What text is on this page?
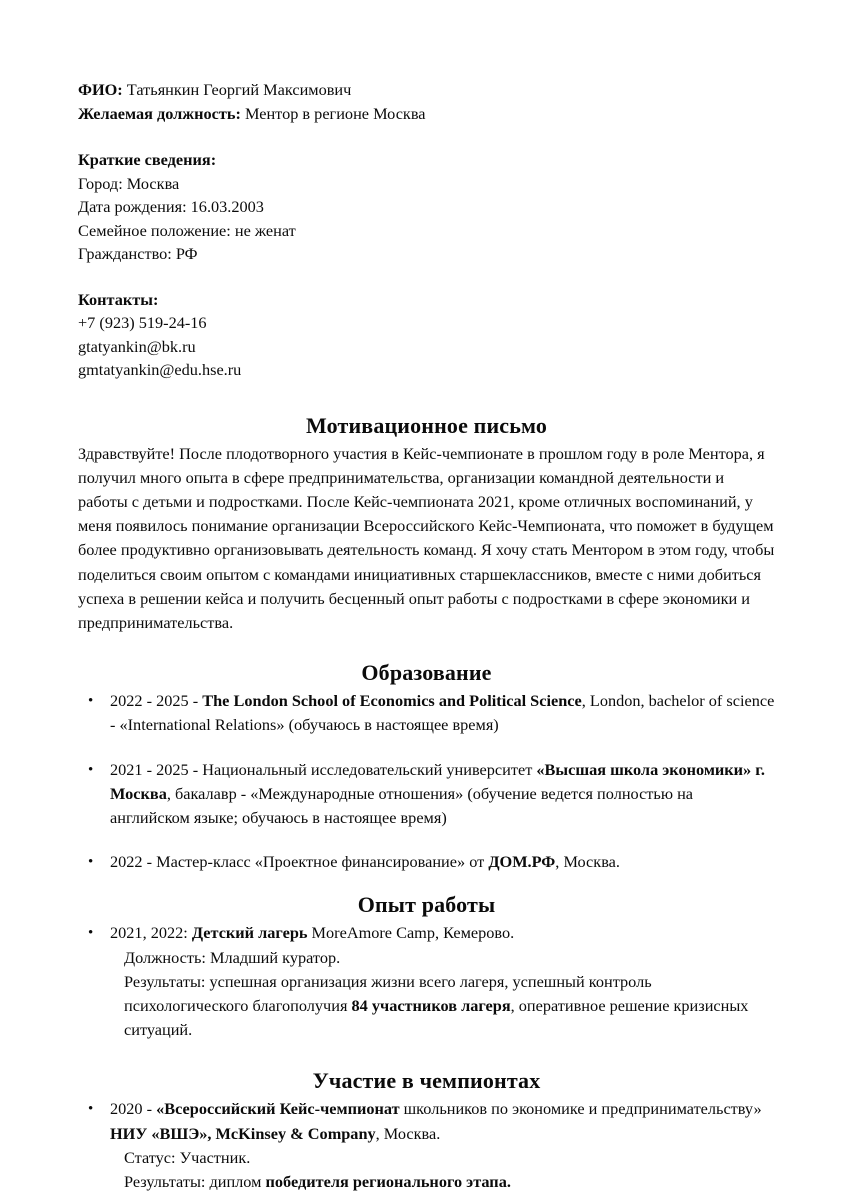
ФИО: Татьянкин Георгий Максимович
Желаемая должность: Ментор в регионе Москва
Краткие сведения:
Город: Москва
Дата рождения: 16.03.2003
Семейное положение: не женат
Гражданство: РФ
Контакты:
+7 (923) 519-24-16
gtatyankin@bk.ru
gmtatyankin@edu.hse.ru
Мотивационное письмо

Здравствуйте! После плодотворного участия в Кейс-чемпионате в прошлом году в роле Ментора, я получил много опыта в сфере предпринимательства, организации командной деятельности и работы с детьми и подростками. После Кейс-чемпионата 2021, кроме отличных воспоминаний, у меня появилось понимание организации Всероссийского Кейс-Чемпионата, что поможет в будущем более продуктивно организовывать деятельность команд. Я хочу стать Ментором в этом году, чтобы поделиться своим опытом с командами инициативных старшеклассников, вместе с ними добиться успеха в решении кейса и получить бесценный опыт работы с подростками в сфере экономики и предпринимательства.

Образование
• 2022 - 2025 - The London School of Economics and Political Science, London, bachelor of science - «International Relations» (обучаюсь в настоящее время)
• 2021 - 2025 - Национальный исследовательский университет «Высшая школа экономики» г. Москва, бакалавр - «Международные отношения» (обучение ведется полностью на английском языке; обучаюсь в настоящее время)
• 2022 - Мастер-класс «Проектное финансирование» от ДОМ.РФ, Москва.
Опыт работы
• 2021, 2022: Детский лагерь MoreAmore Camp, Кемерово.
Должность: Младший куратор.
Результаты: успешная организация жизни всего лагеря, успешный контроль психологического благополучия 84 участников лагеря, оперативное решение кризисных ситуаций.
Участие в чемпионтах
• 2020 - «Всероссийский Кейс-чемпионат школьников по экономике и предпринимательству» НИУ «ВШЭ», McKinsey & Company, Москва.
Статус: Участник.
Результаты: диплом победителя регионального этапа.
